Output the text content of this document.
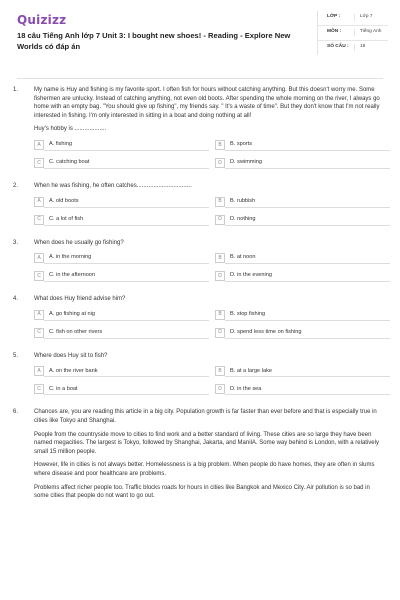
Quizizz
18 câu Tiếng Anh lớp 7 Unit 3: I bought new shoes! - Reading - Explore New Worlds có đáp án
LỚP :	Lớp 7
MÔN :	Tiếng Anh
SỐ CÂU :	18
1.	My name is Huy and fishing is my favorite sport. I often fish for hours without catching anything. But this doesn't worry me. Some fishermen are unlucky. Instead of catching anything, not even old boots. After spending the whole morning on the river, I always go home with an empty bag. "You should give up fishing", my friends say. " It's a waste of time". But they don't know that I'm not really interested in fishing. I'm only interested in sitting in a boat and doing nothing at all!

Huy's hobby is ...................

A	A. fishing	B	B. sports
C	C. catching boat	D	D. swimming
2.	When he was fishing, he often catches.................................

A	A. old boots	B	B. rubbish
C	C. a lot of fish	D	D. nothing
3.	When does he usually go fishing?

A	A. in the morning	B	B. at noon
C	C. in the afternoon	D	D. in the evening
4.	What does Huy friend advise him?

A	A. go fishing at nig	B	B. stop fishing
C	C. fish on other rivers	D	D. spend less time on fishing
5.	Where does Huy sit to fish?

A	A. on the river bank	B	B. at a large lake
C	C. in a boat	D	D. in the sea
6.	Chances are, you are reading this article in a big city. Population growth is far faster than ever before and that is especially true in cities like Tokyo and Shanghai.

People from the countryside move to cities to find work and a better standard of living. These cities are so large they have been named megacities. The largest is Tokyo, followed by Shanghai, Jakarta, and ManilA. Some way behind is London, with a relatively small 15 million people.

However, life in cities is not always better. Homelessness is a big problem. When people do have homes, they are often in slums where disease and poor healthcare are problems.

Problems affect richer people too. Traffic blocks roads for hours in cities like Bangkok and Mexico City. Air pollution is so bad in some cities that people do not want to go out.
